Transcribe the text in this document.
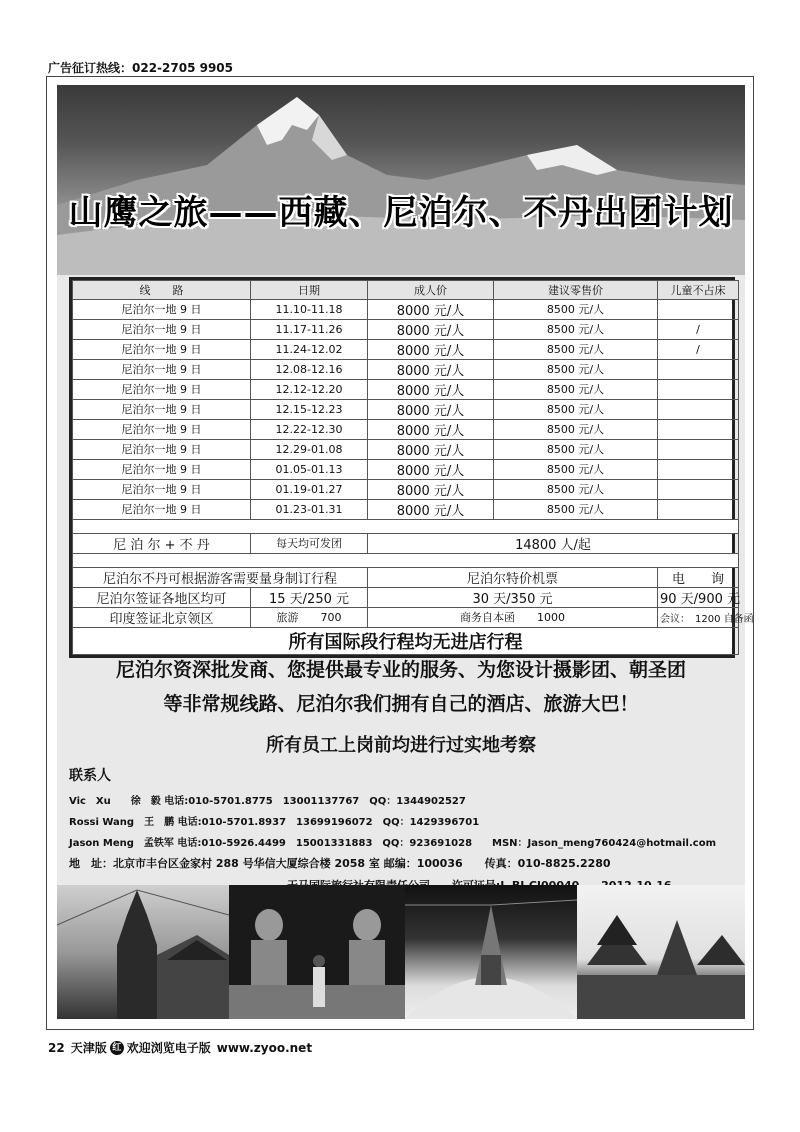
广告征订热线：022-2705 9905
山鹰之旅——西藏、尼泊尔、不丹出团计划
线　　路	日期	成人价	建议零售价	儿童不占床
尼泊尔一地 9 日	11.10-11.18	8000 元/人	8500 元/人	
尼泊尔一地 9 日	11.17-11.26	8000 元/人	8500 元/人	/
尼泊尔一地 9 日	11.24-12.02	8000 元/人	8500 元/人	/
尼泊尔一地 9 日	12.08-12.16	8000 元/人	8500 元/人	
尼泊尔一地 9 日	12.12-12.20	8000 元/人	8500 元/人	
尼泊尔一地 9 日	12.15-12.23	8000 元/人	8500 元/人	
尼泊尔一地 9 日	12.22-12.30	8000 元/人	8500 元/人	
尼泊尔一地 9 日	12.29-01.08	8000 元/人	8500 元/人	
尼泊尔一地 9 日	01.05-01.13	8000 元/人	8500 元/人	
尼泊尔一地 9 日	01.19-01.27	8000 元/人	8500 元/人	
尼泊尔一地 9 日	01.23-01.31	8000 元/人	8500 元/人	

尼 泊 尔 + 不 丹	每天均可发团	14800 人/起		

尼泊尔不丹可根据游客需要量身制订行程		尼泊尔特价机票		电　　询
尼泊尔签证各地区均可	15 天/250 元	30 天/350 元		90 天/900 元
印度签证北京领区	旅游　　700	商务自本函　　1000		会议：　1200 自备函
所有国际段行程均无进店行程				
尼泊尔资深批发商、您提供最专业的服务、为您设计摄影团、朝圣团
等非常规线路、尼泊尔我们拥有自己的酒店、旅游大巴！
所有员工上岗前均进行过实地考察
联系人
Vic　Xu　　徐　毅 电话:010-5701.8775　13001137767　QQ：1344902527
Rossi Wang　王　鹏 电话:010-5701.8937　13699196072　QQ：1429396701
Jason Meng　孟铁军 电话:010-5926.4499　15001331883　QQ：923691028　　MSN：Jason_meng760424@hotmail.com
地　址：北京市丰台区金家村 288 号华信大厦综合楼 2058 室 邮编：100036　　传真：010-8825.2280
22 天津版 红 欢迎浏览电子版 www.zyoo.net
